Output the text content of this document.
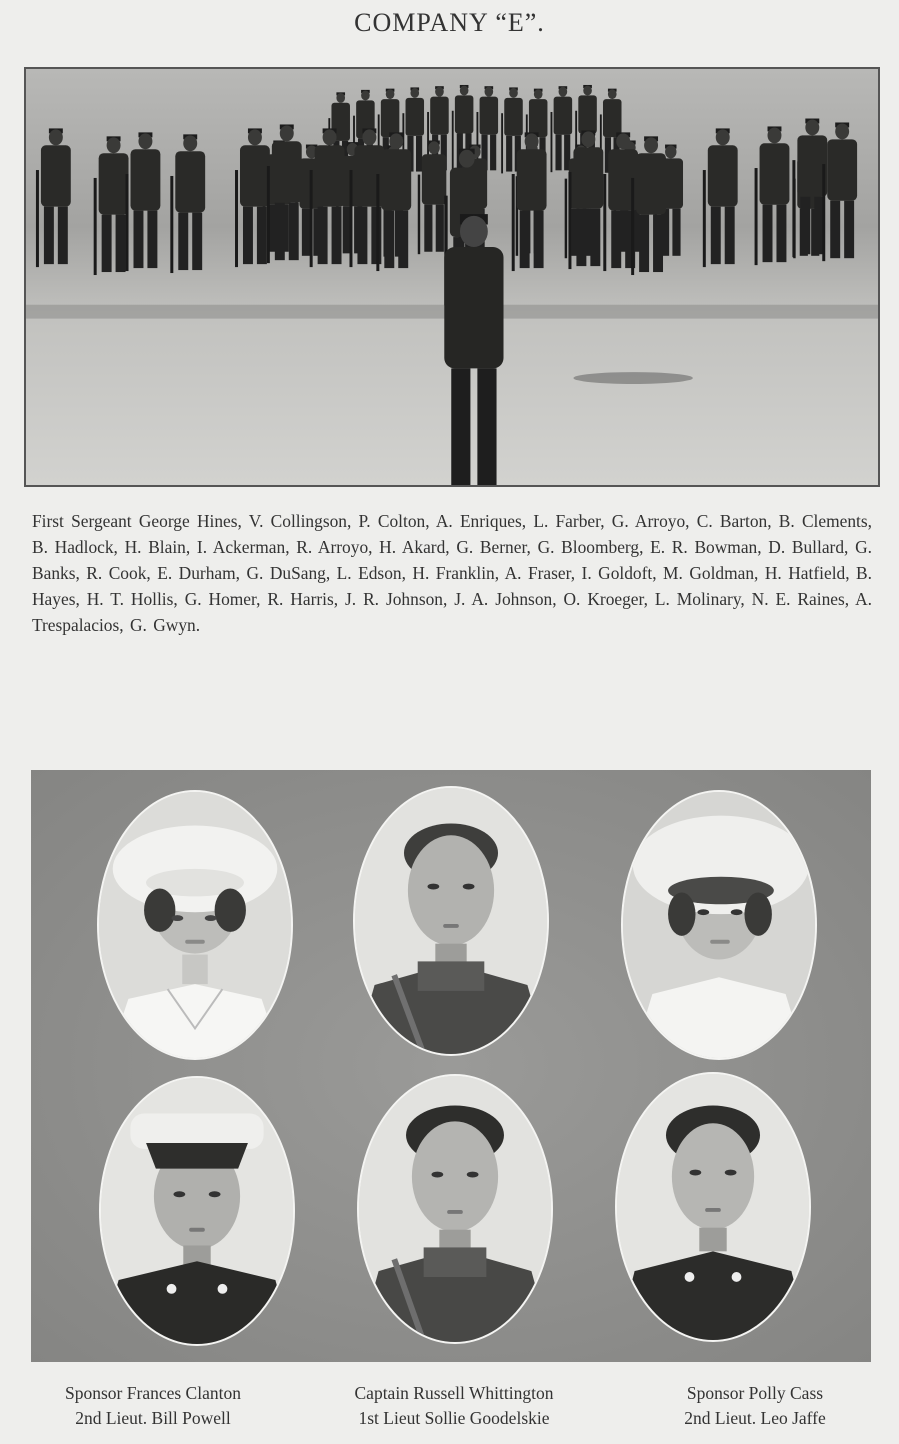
COMPANY “E”.
First Sergeant George Hines, V. Collingson, P. Colton, A. Enriques, L. Farber, G. Arroyo, C. Barton, B. Clements, B. Hadlock, H. Blain, I. Ackerman, R. Arroyo, H. Akard, G. Berner, G. Bloomberg, E. R. Bowman, D. Bullard, G. Banks, R. Cook, E. Durham, G. DuSang, L. Edson, H. Franklin, A. Fraser, I. Goldoft, M. Goldman, H. Hatfield, B. Hayes, H. T. Hollis, G. Homer, R. Harris, J. R. Johnson, J. A. Johnson, O. Kroeger, L. Molinary, N. E. Raines, A. Trespalacios, G. Gwyn.
Sponsor Frances Clanton
2nd Lieut. Bill Powell
Captain Russell Whittington
1st Lieut Sollie Goodelskie
Sponsor Polly Cass
2nd Lieut. Leo Jaffe
